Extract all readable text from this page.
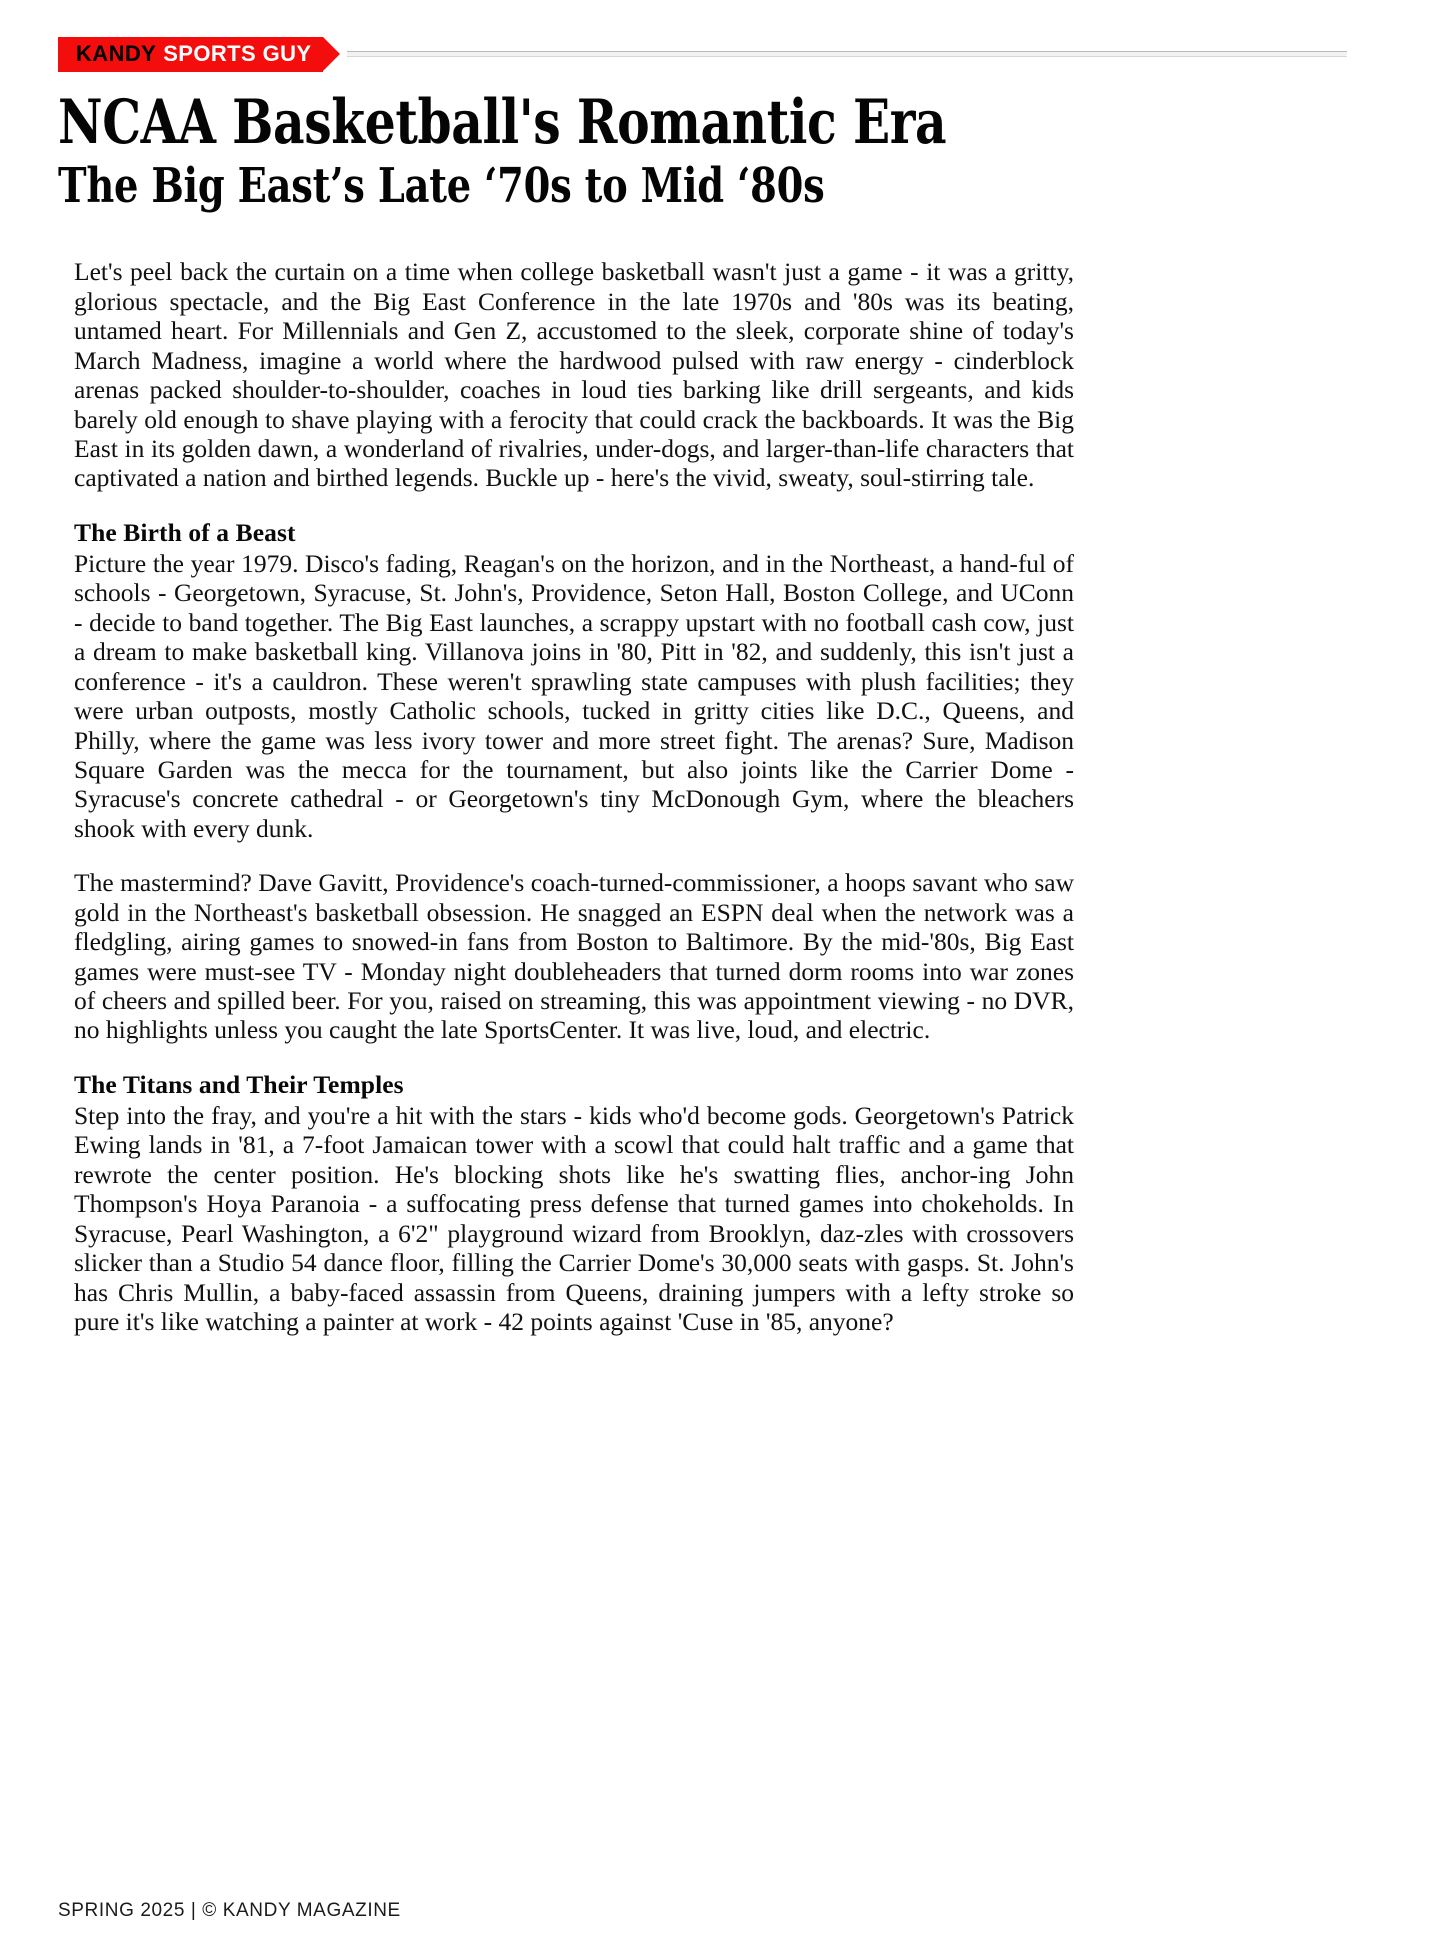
KANDY SPORTS GUY
NCAA Basketball's Romantic Era
The Big East’s Late ‘70s to Mid ‘80s

Let's peel back the curtain on a time when college basketball wasn't just a game - it was a gritty, glorious spectacle, and the Big East Conference in the late 1970s and '80s was its beating, untamed heart. For Millennials and Gen Z, accustomed to the sleek, corporate shine of today's March Madness, imagine a world where the hardwood pulsed with raw energy - cinderblock arenas packed shoulder-to-shoulder, coaches in loud ties barking like drill sergeants, and kids barely old enough to shave playing with a ferocity that could crack the backboards. It was the Big East in its golden dawn, a wonderland of rivalries, under-dogs, and larger-than-life characters that captivated a nation and birthed legends. Buckle up - here's the vivid, sweaty, soul-stirring tale.

The Birth of a Beast

Picture the year 1979. Disco's fading, Reagan's on the horizon, and in the Northeast, a hand-ful of schools - Georgetown, Syracuse, St. John's, Providence, Seton Hall, Boston College, and UConn - decide to band together. The Big East launches, a scrappy upstart with no football cash cow, just a dream to make basketball king. Villanova joins in '80, Pitt in '82, and suddenly, this isn't just a conference - it's a cauldron. These weren't sprawling state campuses with plush facilities; they were urban outposts, mostly Catholic schools, tucked in gritty cities like D.C., Queens, and Philly, where the game was less ivory tower and more street fight. The arenas? Sure, Madison Square Garden was the mecca for the tournament, but also joints like the Carrier Dome - Syracuse's concrete cathedral - or Georgetown's tiny McDonough Gym, where the bleachers shook with every dunk.

The mastermind? Dave Gavitt, Providence's coach-turned-commissioner, a hoops savant who saw gold in the Northeast's basketball obsession. He snagged an ESPN deal when the network was a fledgling, airing games to snowed-in fans from Boston to Baltimore. By the mid-'80s, Big East games were must-see TV - Monday night doubleheaders that turned dorm rooms into war zones of cheers and spilled beer. For you, raised on streaming, this was appointment viewing - no DVR, no highlights unless you caught the late SportsCenter. It was live, loud, and electric.

The Titans and Their Temples

Step into the fray, and you're a hit with the stars - kids who'd become gods. Georgetown's Patrick Ewing lands in '81, a 7-foot Jamaican tower with a scowl that could halt traffic and a game that rewrote the center position. He's blocking shots like he's swatting flies, anchor-ing John Thompson's Hoya Paranoia - a suffocating press defense that turned games into chokeholds. In Syracuse, Pearl Washington, a 6'2" playground wizard from Brooklyn, daz-zles with crossovers slicker than a Studio 54 dance floor, filling the Carrier Dome's 30,000 seats with gasps. St. John's has Chris Mullin, a baby-faced assassin from Queens, draining jumpers with a lefty stroke so pure it's like watching a painter at work - 42 points against 'Cuse in '85, anyone?

SPRING 2025 | © KANDY MAGAZINE
